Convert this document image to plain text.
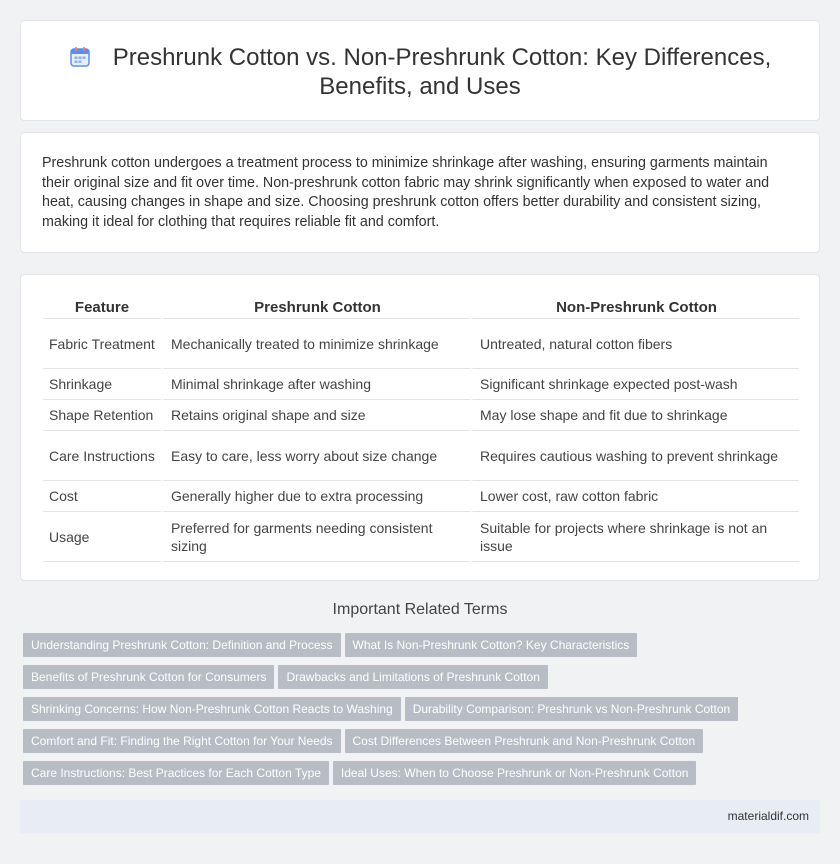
Preshrunk Cotton vs. Non-Preshrunk Cotton: Key Differences,
Benefits, and Uses

Preshrunk cotton undergoes a treatment process to minimize shrinkage after washing, ensuring garments maintain their original size and fit over time. Non-preshrunk cotton fabric may shrink significantly when exposed to water and heat, causing changes in shape and size. Choosing preshrunk cotton offers better durability and consistent sizing, making it ideal for clothing that requires reliable fit and comfort.

Feature	Preshrunk Cotton	Non-Preshrunk Cotton
Fabric Treatment	Mechanically treated to minimize shrinkage	Untreated, natural cotton fibers
Shrinkage	Minimal shrinkage after washing	Significant shrinkage expected post-wash
Shape Retention	Retains original shape and size	May lose shape and fit due to shrinkage
Care Instructions	Easy to care, less worry about size change	Requires cautious washing to prevent shrinkage
Cost	Generally higher due to extra processing	Lower cost, raw cotton fabric
Usage	Preferred for garments needing consistent sizing	Suitable for projects where shrinkage is not an issue
Important Related Terms
Understanding Preshrunk Cotton: Definition and Process What Is Non-Preshrunk Cotton? Key Characteristics
Benefits of Preshrunk Cotton for Consumers Drawbacks and Limitations of Preshrunk Cotton
Shrinking Concerns: How Non-Preshrunk Cotton Reacts to Washing Durability Comparison: Preshrunk vs Non-Preshrunk Cotton
Comfort and Fit: Finding the Right Cotton for Your Needs Cost Differences Between Preshrunk and Non-Preshrunk Cotton
Care Instructions: Best Practices for Each Cotton Type Ideal Uses: When to Choose Preshrunk or Non-Preshrunk Cotton
materialdif.com
